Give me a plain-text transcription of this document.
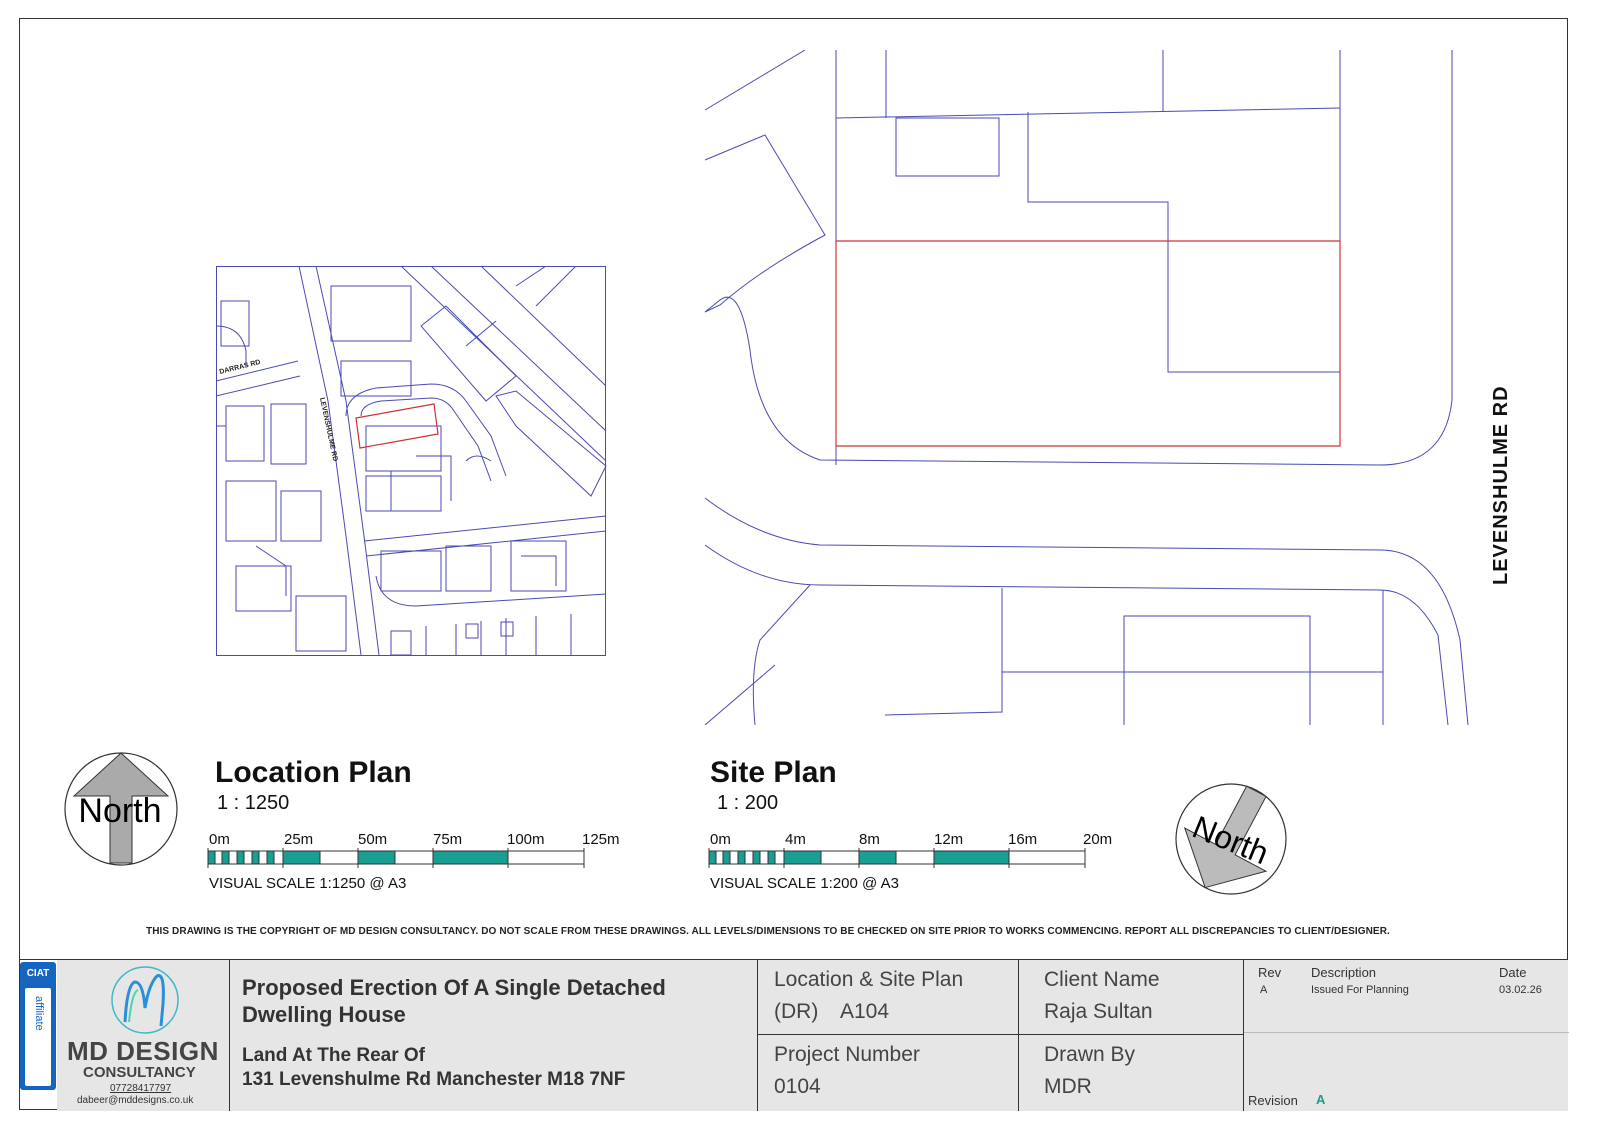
DARRAS RD
LEVENSHULME RD	LEVENSHULME RD
North	North
Location Plan
1 : 1250
Site Plan
1 : 200
0m	25m	50m	75m	100m 125m
VISUAL SCALE 1:1250 @ A3
0m	4m	8m	12m	16m	20m
VISUAL SCALE 1:200 @ A3
THIS DRAWING IS THE COPYRIGHT OF MD DESIGN CONSULTANCY. DO NOT SCALE FROM THESE DRAWINGS. ALL LEVELS/DIMENSIONS TO BE CHECKED ON SITE PRIOR TO WORKS COMMENCING. REPORT ALL DISCREPANCIES TO CLIENT/DESIGNER.
MD DESIGN
CONSULTANCY
07728417797
dabeer@mddesigns.co.uk
Proposed Erection Of A Single Detached Dwelling House
Land At The Rear Of
131 Levenshulme Rd Manchester M18 7NF
Location & Site Plan
(DR) A104
Project Number
0104
Client Name
Raja Sultan
Drawn By
MDR
Rev Description	Date
A	Issued For Planning	03.02.26
Revision A
CIAT
affiliate
